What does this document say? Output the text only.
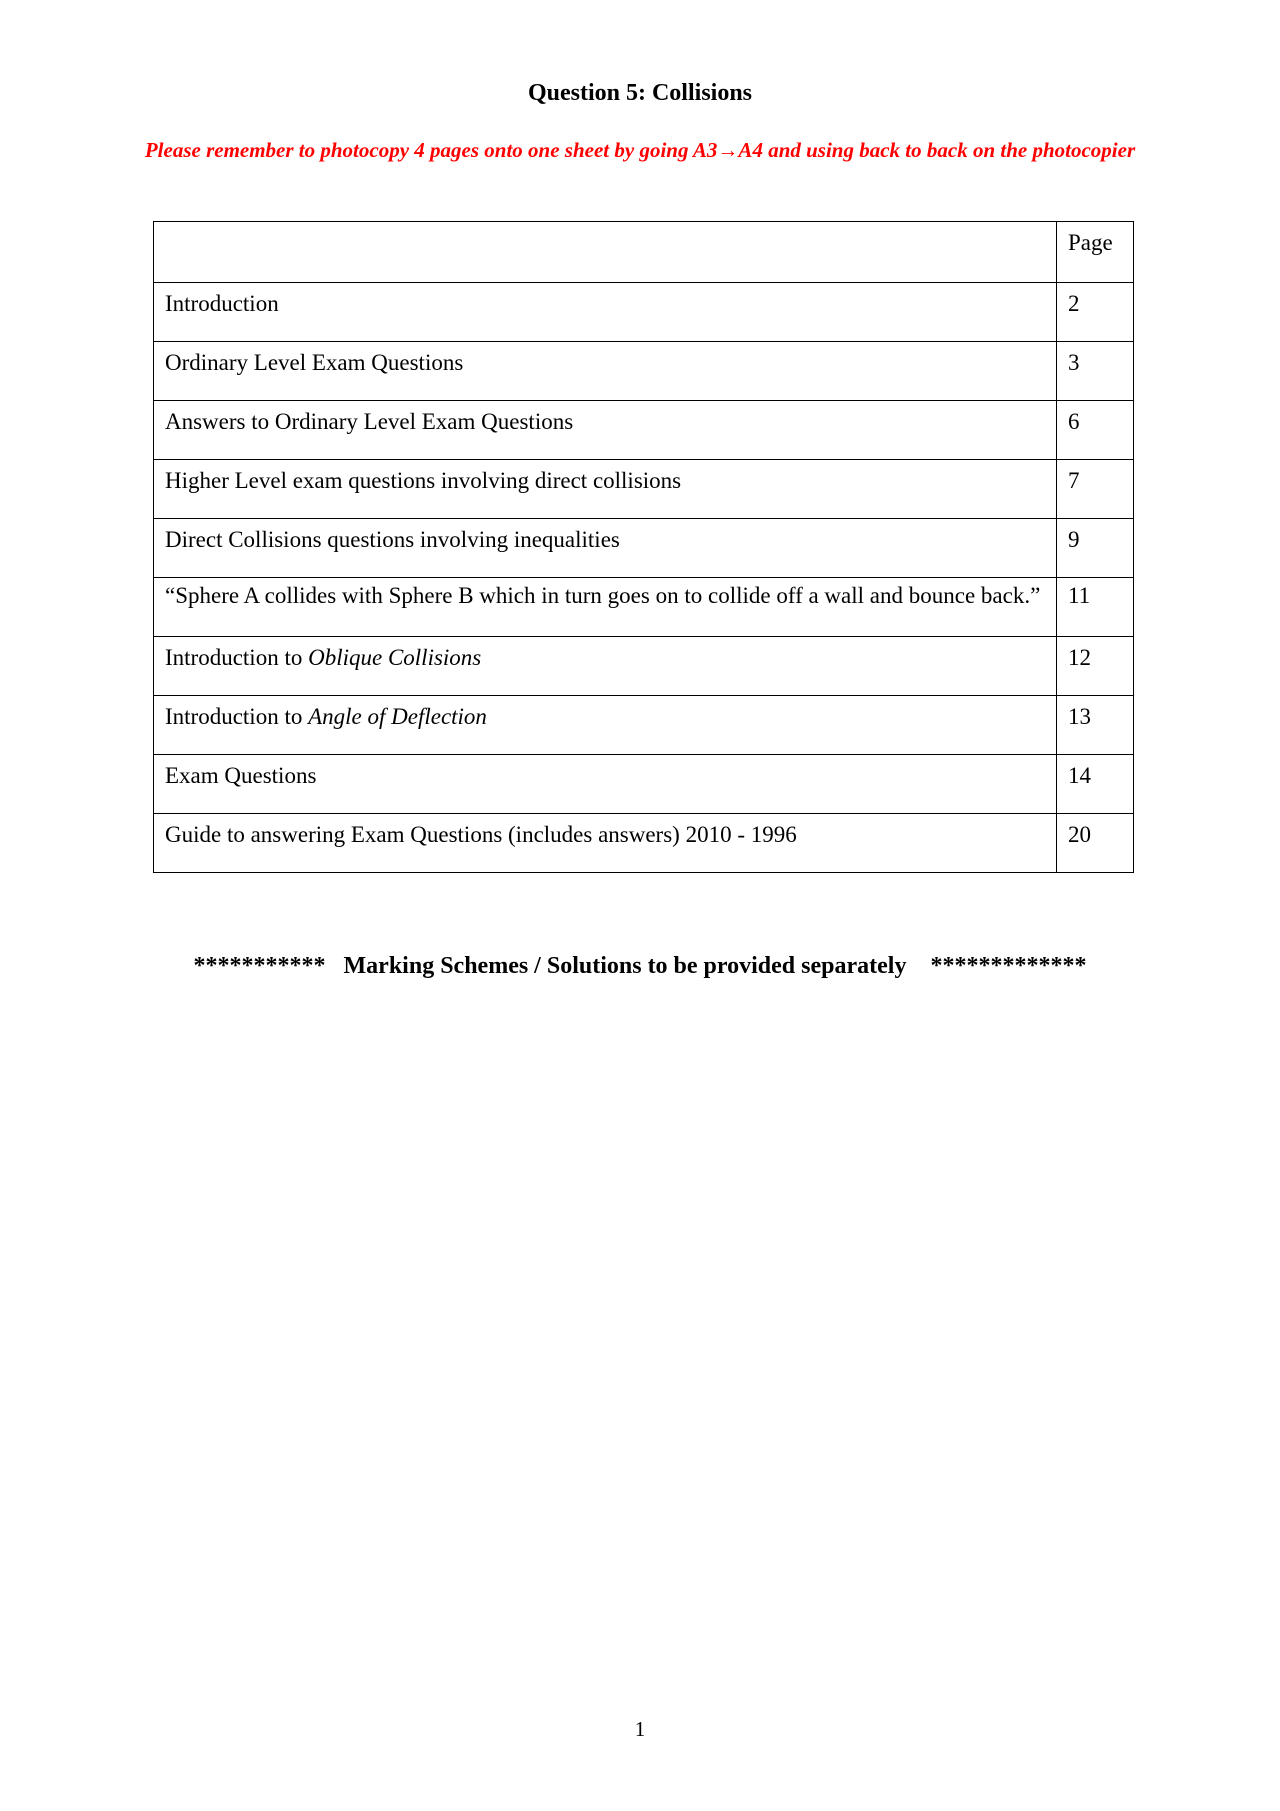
Question 5: Collisions
Please remember to photocopy 4 pages onto one sheet by going A3→A4 and using back to back on the photocopier
	Page
Introduction	2
Ordinary Level Exam Questions	3
Answers to Ordinary Level Exam Questions	6
Higher Level exam questions involving direct collisions	7
Direct Collisions questions involving inequalities	9
“Sphere A collides with Sphere B which in turn goes on to collide off a wall and bounce back.”	11
Introduction to Oblique Collisions	12
Introduction to Angle of Deflection	13
Exam Questions	14
Guide to answering Exam Questions (includes answers) 2010 - 1996	20
***********   Marking Schemes / Solutions to be provided separately    *************
1
